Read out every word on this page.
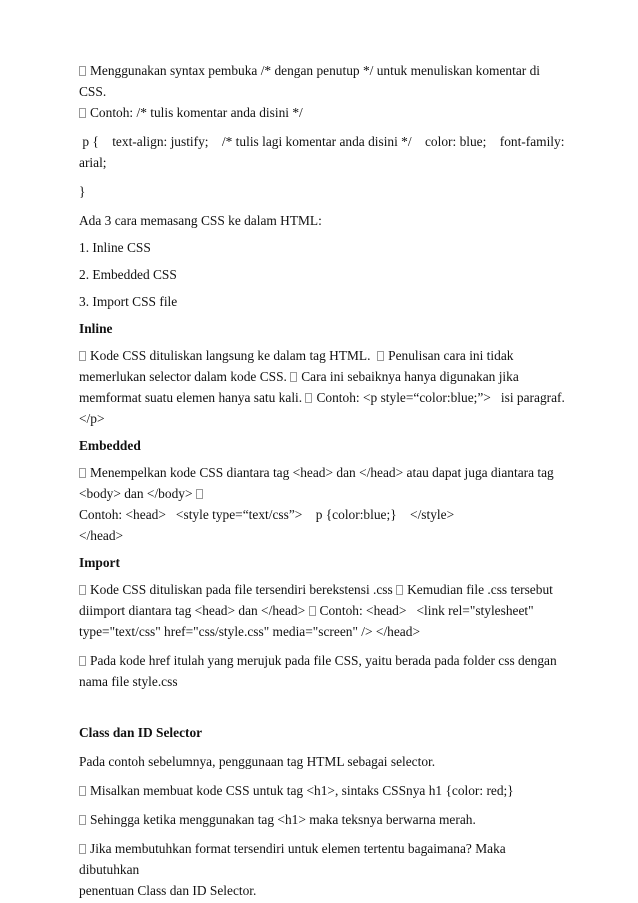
Menggunakan syntax pembuka /* dengan penutup */ untuk menuliskan komentar di CSS.

Contoh: /* tulis komentar anda disini */

p {    text-align: justify;    /* tulis lagi komentar anda disini */    color: blue;    font-family:

arial;

}

Ada 3 cara memasang CSS ke dalam HTML:

1. Inline CSS

2. Embedded CSS

3. Import CSS file

Inline

Kode CSS dituliskan langsung ke dalam tag HTML. Penulisan cara ini tidak
memerlukan selector dalam kode CSS. Cara ini sebaiknya hanya digunakan jika
memformat suatu elemen hanya satu kali. Contoh: <p style=“color:blue;”>   isi paragraf.
</p>

Embedded

Menempelkan kode CSS diantara tag <head> dan </head> atau dapat juga diantara tag
<body> dan </body> Contoh: <head>   <style type=“text/css”>    p {color:blue;}    </style>
</head>

Import

Kode CSS dituliskan pada file tersendiri berekstensi .css Kemudian file .css tersebut
diimport diantara tag <head> dan </head> Contoh: <head>   <link rel="stylesheet"
type="text/css" href="css/style.css" media="screen" /> </head>

Pada kode href itulah yang merujuk pada file CSS, yaitu berada pada folder css dengan
nama file style.css

Class dan ID Selector

Pada contoh sebelumnya, penggunaan tag HTML sebagai selector.

Misalkan membuat kode CSS untuk tag <h1>, sintaks CSSnya h1 {color: red;}

Sehingga ketika menggunakan tag <h1> maka teksnya berwarna merah.

Jika membutuhkan format tersendiri untuk elemen tertentu bagaimana? Maka dibutuhkan
penentuan Class dan ID Selector.
